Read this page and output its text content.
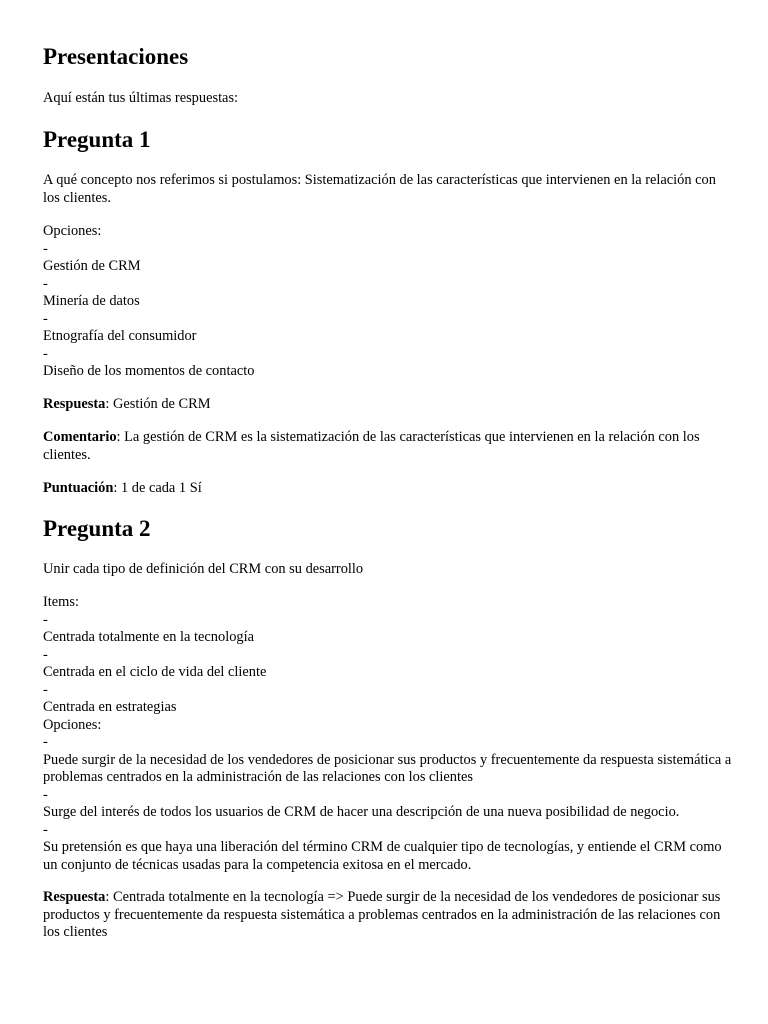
Presentaciones

Aquí están tus últimas respuestas:

Pregunta 1

A qué concepto nos referimos si postulamos: Sistematización de las características que intervienen en la relación con los clientes.

Opciones:
-
Gestión de CRM
-
Minería de datos
-
Etnografía del consumidor
-
Diseño de los momentos de contacto

Respuesta: Gestión de CRM

Comentario: La gestión de CRM es la sistematización de las características que intervienen en la relación con los clientes.

Puntuación: 1 de cada 1 Sí

Pregunta 2

Unir cada tipo de definición del CRM con su desarrollo

Items:
-
Centrada totalmente en la tecnología
-
Centrada en el ciclo de vida del cliente
-
Centrada en estrategias
Opciones:
-
Puede surgir de la necesidad de los vendedores de posicionar sus productos y frecuentemente da respuesta sistemática a problemas centrados en la administración de las relaciones con los clientes
-
Surge del interés de todos los usuarios de CRM de hacer una descripción de una nueva posibilidad de negocio.
-
Su pretensión es que haya una liberación del término CRM de cualquier tipo de tecnologías, y entiende el CRM como un conjunto de técnicas usadas para la competencia exitosa en el mercado.

Respuesta: Centrada totalmente en la tecnología => Puede surgir de la necesidad de los vendedores de posicionar sus productos y frecuentemente da respuesta sistemática a problemas centrados en la administración de las relaciones con los clientes
